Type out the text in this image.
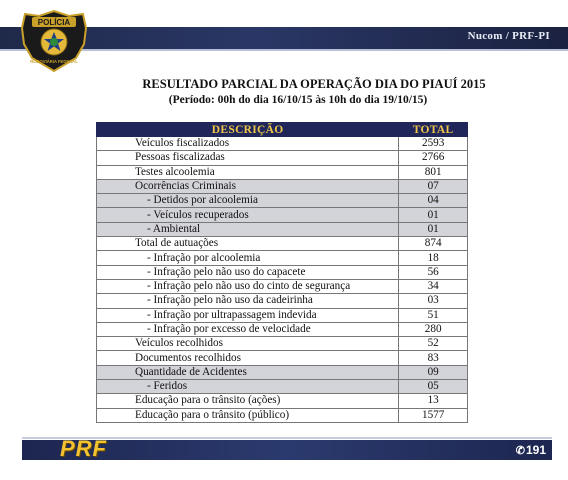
Nucom / PRF-PI
POLÍCIA
RODOVIÁRIA FEDERAL
RESULTADO PARCIAL DA OPERAÇÃO DIA DO PIAUÍ 2015
(Período: 00h do dia 16/10/15 às 10h do dia 19/10/15)
DESCRIÇÃO	TOTAL
Veículos fiscalizados	2593
Pessoas fiscalizadas	2766
Testes alcoolemia	801
Ocorrências Criminais	07
- Detidos por alcoolemia	04
- Veículos recuperados	01
- Ambiental	01
Total de autuações	874
- Infração por alcoolemia	18
- Infração pelo não uso do capacete	56
- Infração pelo não uso do cinto de segurança	34
- Infração pelo não uso da cadeirinha	03
- Infração por ultrapassagem indevida	51
- Infração por excesso de velocidade	280
Veículos recolhidos	52
Documentos recolhidos	83
Quantidade de Acidentes	09
- Feridos	05
Educação para o trânsito (ações)	13
Educação para o trânsito (público)	1577
PRF	✆191
